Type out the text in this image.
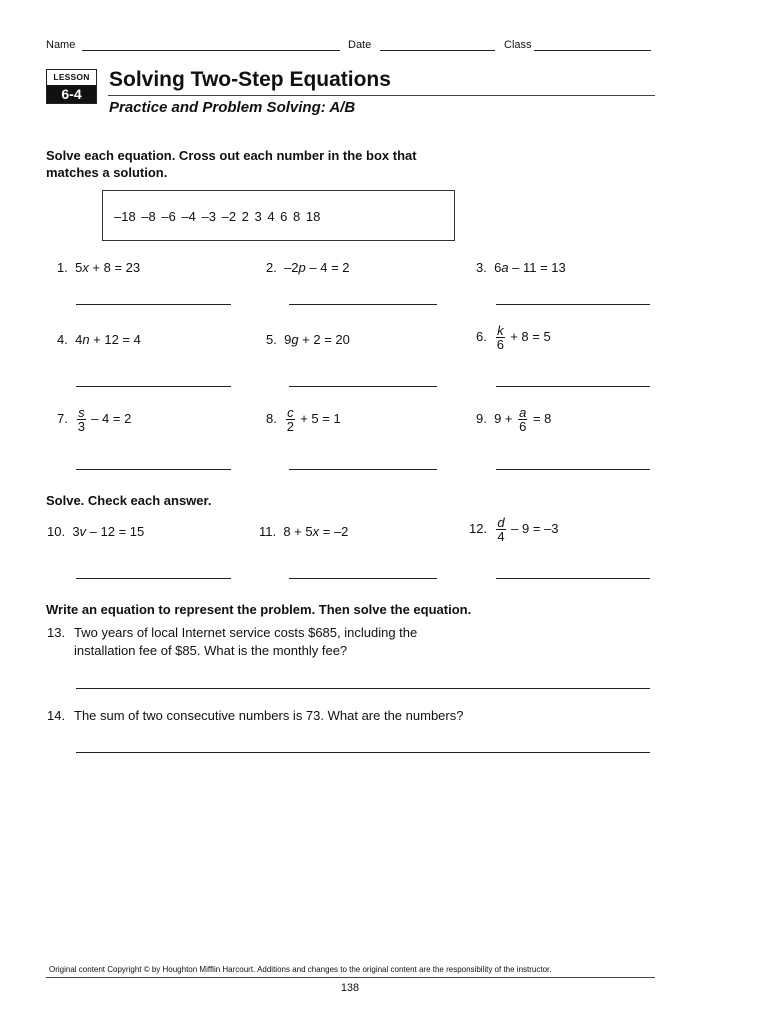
Name	Date	Class
LESSON
6-4
Solving Two-Step Equations
Practice and Problem Solving: A/B
Solve each equation. Cross out each number in the box that
matches a solution.
–18 –8 –6 –4 –3 –2 2 3 4 6 8 18
1. 5x + 8 = 23	2. –2p – 4 = 2	3. 6a – 11 = 13
4. 4n + 12 = 4	5. 9g + 2 = 20	6. $\frac{k}{6} + 8 = 5$
7. $\frac{s}{3} - 4 = 2$	8. $\frac{c}{2} + 5 = 1$	9. $9 + \frac{a}{6} = 8$
Solve. Check each answer.
10. 3v – 12 = 15	11. 8 + 5x = –2	12. $\frac{d}{4} - 9 = -3$
Write an equation to represent the problem. Then solve the equation.
13. Two years of local Internet service costs $685, including the
installation fee of $85. What is the monthly fee?
14. The sum of two consecutive numbers is 73. What are the numbers?
Original content Copyright © by Houghton Mifflin Harcourt. Additions and changes to the original content are the responsibility of the instructor.
138
